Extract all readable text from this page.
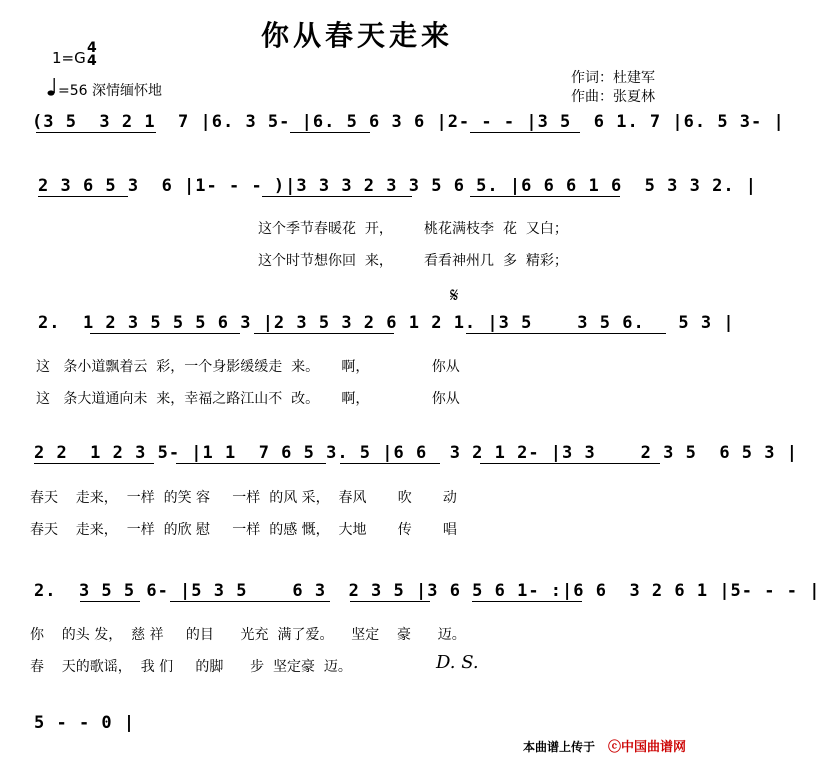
你从春天走来
1=G
4
4
=56 深情缅怀地
作词：杜建军
作曲：张夏林
(3 5  3 2 1  7 |6. 3 5- |6. 5 6 3 6 |2- - - |3 5  6 1. 7 |6. 5 3- |
2 3 6 5 3  6 |1- - - )|3 3 3 2 3 3 5 6 5. |6 6 6 1 6  5 3 3 2. |
这个季节春暖花  开，       桃花满枝李  花  又白；
这个时节想你回  来，       看看神州几  多  精彩；
𝄋
2.  1 2 3 5 5 5 6 3 |2 3 5 3 2 6 1 2 1. |3 5    3 5 6.   5 3 |
这   条小道飘着云  彩，一个身影缓缓走  来。     啊，              你从
这   条大道通向未  来，幸福之路江山不  改。     啊，              你从
2 2  1 2 3 5- |1 1  7 6 5 3. 5 |6 6  3 2 1 2- |3 3    2 3 5  6 5 3 |
春天    走来，  一样  的笑 容     一样  的风 采，  春风       吹       动
春天    走来，  一样  的欣 慰     一样  的感 慨，  大地       传       唱
2.  3 5 5 6- |5 3 5    6 3  2 3 5 |3 6 5 6 1- :|6 6  3 2 6 1 |5- - - |
你    的头 发，  慈 祥     的目      光充  满了爱。    坚定    豪      迈。
春    天的歌谣，  我 们     的脚      步  坚定豪  迈。	D. S.
5 - - 0 |
本曲谱上传于 ⓒ中国曲谱网
